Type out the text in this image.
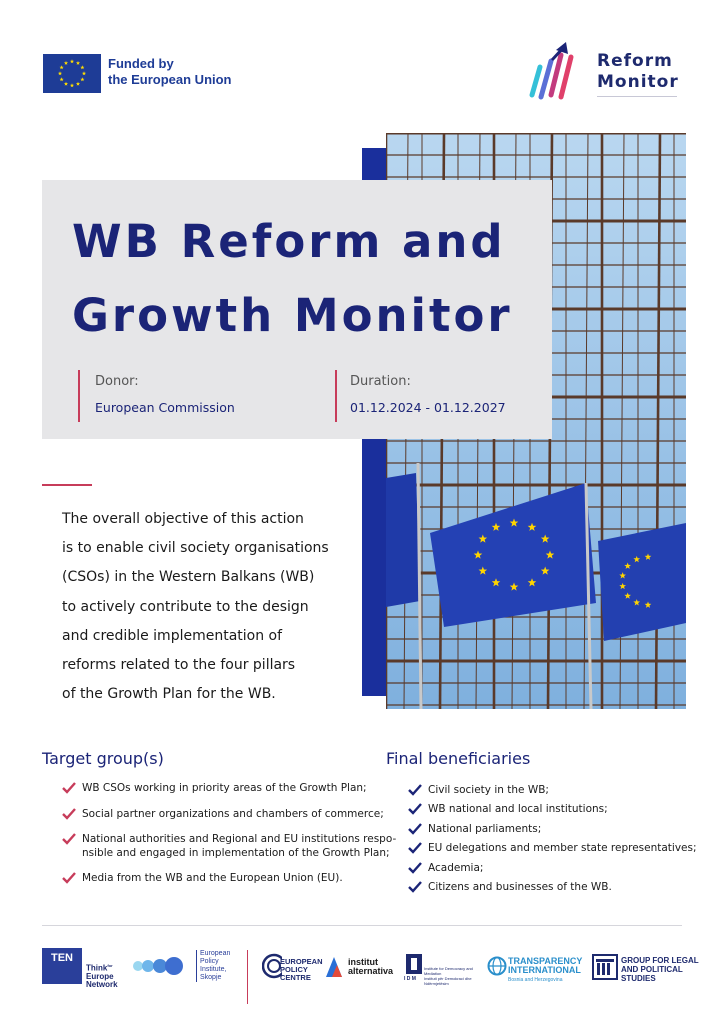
Funded by
the European Union
Reform
Monitor
WB Reform and
Growth Monitor
Donor:
European Commission
Duration:
01.12.2024 - 01.12.2027
The overall objective of this action
is to enable civil society organisations
(CSOs) in the Western Balkans (WB)
to actively contribute to the design
and credible implementation of
reforms related to the four pillars
of the Growth Plan for the WB.
Target group(s)
WB CSOs working in priority areas of the Growth Plan;
Social partner organizations and chambers of commerce;
National authorities and Regional and EU institutions respo-
nsible and engaged in implementation of the Growth Plan;
Media from the WB and the European Union (EU).
Final beneficiaries
Civil society in the WB;
WB national and local institutions;
National parliaments;
EU delegations and member state representatives;
Academia;
Citizens and businesses of the WB.
TEN
Think$^{for}$
Europe
Network
European
Policy
Institute,
Skopje
EUROPEAN
POLICY
CENTRE
institut
alternativa
I D M
Institute for Democracy and Mediation
Instituti për Demokraci dhe Ndërmjetësim
TRANSPARENCY
INTERNATIONAL
Bosnia and Herzegovina
GROUP FOR LEGAL
AND POLITICAL
STUDIES
